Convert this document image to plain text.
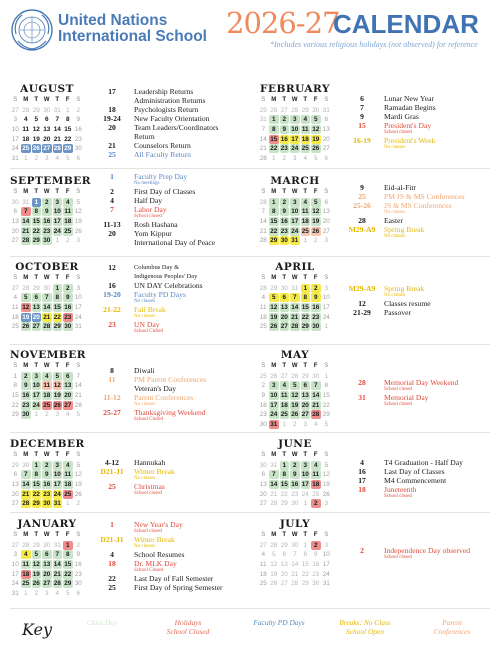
United Nations
International School 2026-27
CALENDAR
*Includes various religious holidays (not observed) for reference
AUGUST
S	M	T W T	F	S
27 28 29 30 31 1	2
3	4	5	6	7	8	9
10 11 12 13 14 15 16
17 18 19 20 21 22 23
24 25 26 27 28 29 30
31 1	2	3	4	5	6
FEBRUARY
S	M	T W T	F	S
25 26 27 28 29 30 31
31 1	2	3	4	5	6
7	8	9 10 11 12 13
14 15 16 17 18 19 20
21 22 23 24 25 26 27
28 1	2	3	4	5	6
SEPTEMBER
S	M	T W T	F	S
30 31 1	2	3	4	5
6	7	8	9 10 11 12
13 14 15 16 17 18 19
20 21 22 23 24 25 26
27 28 29 30 1	2	3
MARCH
S	M	T W T	F	S
28 1	2	3	4	5	6
7	8	9 10 11 12 13
14 15 16 17 18 19 20
21 22 23 24 25 26 27
28 29 30 31 1	2	3
OCTOBER
S	M	T W T	F	S
27 28 29 30 1	2	3
4	5	6	7	8	9 10
11 12 13 14 15 16 17
18 19 20 21 22 23 24
25 26 27 28 29 30 31
APRIL
S	M	T W T	F	S
28 29 30 31 1	2	3
4	5	6	7	8	9 10
11 12 13 14 15 16 17
18 19 20 21 22 23 24
25 26 27 28 29 30 1
NOVEMBER
S	M	T W T	F	S
1	2	3	4	5	6	7
8	9 10 11 12 13 14
15 16 17 18 19 20 21
22 23 24 25 26 27 28
29 30 1	2	3	4	5
MAY
S	M	T W T	F	S
25 26 27 28 29 30 1
2	3	4	5	6	7	8
9 10 11 12 13 14 15
16 17 18 19 20 21 22
23 24 25 26 27 28 29
30 31 1	2	3	4	5
DECEMBER
S	M	T W T	F	S
29 30 1	2	3	4	5
6	7	8	9 10 11 12
13 14 15 16 17 18 19
20 21 22 23 24 25 26
27 28 29 30 31 1	2
JUNE
S	M	T W T	F	S
30 31 1	2	3	4	5
6	7	8	9 10 11 12
13 14 15 16 17 18 19
20 21 22 23 24 25 26
27 28 29 30 1	2	3
JANUARY
S	M	T W T	F	S
27 28 29 30 31 1	2
3	4	5	6	7	8	9
10 11 12 13 14 15 16
17 18 19 20 21 22 23
24 25 26 27 28 29 30
31 1	2	3	4	5	6
JULY
S	M	T W T	F	S
27 28 29 30 1	2	3
4	5	6	7	8	9 10
11 12 13 14 15 16 17
18 19 20 21 22 23 24
25 26 27 28 29 30 31
17	Leadership Returns
Administration Returns
18	Psychologists Return
19-24	New Faculty Orientation
20	Team Leaders/Coordinators
Return
21	Counselors Return
25	All Faculty Return
6	Lunar New Year
7	Ramadan Begins
9	Mardi Gras
15	President's Day
School closed
16-19	President's Week
No classes
1	Faculty Prep Day
No meetings
2	First Day of Classes
4	Half Day
7	Labor Day
School closed
11-13	Rosh Hashana
20	Yom Kippur
International Day of Peace
9	Eid-al-Fitr
25	PM JS & MS Conferences
25-26	JS & MS Conferences
No classes
28	Easter
M29-A9	Spring Break
No classes
12	Columbus Day &
Indigenous Peoples' Day
16	UN DAY Celebrations
19-20	Faculty PD Days
No classes
21-22	Fall Break
No classes
23	UN Day
School Closed
M29-A9	Spring Break
No classes
12	Classes resume
21-29	Passover
8	Diwali
11	PM Parent Conferences
Veteran's Day
11-12	Parent Conferences
No classes
25-27	Thanksgiving Weekend
School Closed
28	Memorial Day Weekend
School closed
31	Memorial Day
School closed
4-12	Hannukah
D21-J1	Winter Break
No classes
25	Christmas
School closed
4	T4 Graduation - Half Day
16	Last Day of Classes
17	M4 Commencement
18	Juneteenth
School closed
1	New Year's Day
School closed
D21-J1	Winter Break
No classes
4	School Resumes
18	Dr. MLK Day
School Closed
22	Last Day of Fall Semester
25	First Day of Spring Semester
2	Independence Day observed
School closed
Key	Class Day	Holidays
School Closed
Faculty PD Days	Breaks: No Class
School Open
Parent
Conferences
